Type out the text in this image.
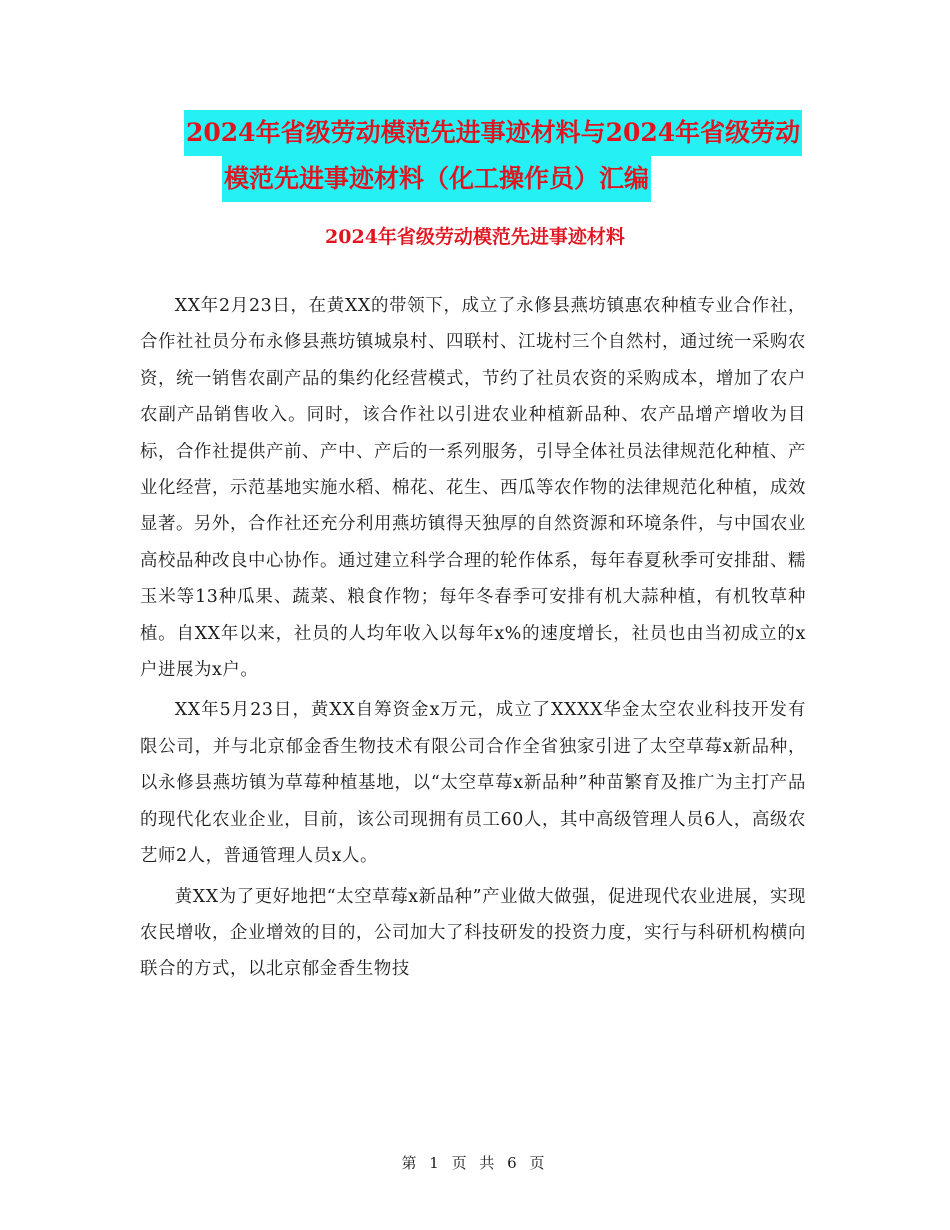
2024年省级劳动模范先进事迹材料与2024年省级劳动
模范先进事迹材料（化工操作员）汇编
2024年省级劳动模范先进事迹材料

XX年2月23日，在黄XX的带领下，成立了永修县燕坊镇惠农种植专业合作社，合作社社员分布永修县燕坊镇城泉村、四联村、江垅村三个自然村，通过统一采购农资，统一销售农副产品的集约化经营模式，节约了社员农资的采购成本，增加了农户农副产品销售收入。同时，该合作社以引进农业种植新品种、农产品增产增收为目标，合作社提供产前、产中、产后的一系列服务，引导全体社员法律规范化种植、产业化经营，示范基地实施水稻、棉花、花生、西瓜等农作物的法律规范化种植，成效显著。另外，合作社还充分利用燕坊镇得天独厚的自然资源和环境条件，与中国农业高校品种改良中心协作。通过建立科学合理的轮作体系，每年春夏秋季可安排甜、糯玉米等13种瓜果、蔬菜、粮食作物；每年冬春季可安排有机大蒜种植，有机牧草种植。自XX年以来，社员的人均年收入以每年x%的速度增长，社员也由当初成立的x户进展为x户。

XX年5月23日，黄XX自筹资金x万元，成立了XXXX华金太空农业科技开发有限公司，并与北京郁金香生物技术有限公司合作全省独家引进了太空草莓x新品种，以永修县燕坊镇为草莓种植基地，以“太空草莓x新品种”种苗繁育及推广为主打产品的现代化农业企业，目前，该公司现拥有员工60人，其中高级管理人员6人，高级农艺师2人，普通管理人员x人。

黄XX为了更好地把“太空草莓x新品种”产业做大做强，促进现代农业进展，实现农民增收，企业增效的目的，公司加大了科技研发的投资力度，实行与科研机构横向联合的方式，以北京郁金香生物技

第 1 页 共 6 页
